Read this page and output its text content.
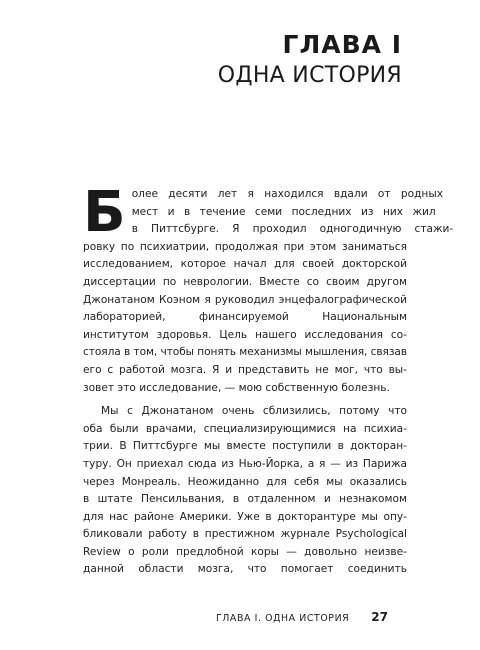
ГЛАВА I
ОДНА ИСТОРИЯ
Б олее десяти лет я находился вдали от родных
мест и в течение семи последних из них жил
в Питтсбурге. Я проходил одногодичную стажи-
ровку по психиатрии, продолжая при этом заниматься
исследованием, которое начал для своей докторской
диссертации по неврологии. Вместе со своим другом
Джонатаном Коэном я руководил энцефалографической
лабораторией, финансируемой Национальным
институтом здоровья. Цель нашего исследования со-
стояла в том, чтобы понять механизмы мышления, связав
его с работой мозга. Я и представить не мог, что вы-
зовет это исследование, — мою собственную болезнь.
Мы с Джонатаном очень сблизились, потому что
оба были врачами, специализирующимися на психиа-
трии. В Питтсбурге мы вместе поступили в докторан-
туру. Он приехал сюда из Нью-Йорка, а я — из Парижа
через Монреаль. Неожиданно для себя мы оказались
в штате Пенсильвания, в отдаленном и незнакомом
для нас районе Америки. Уже в докторантуре мы опу-
бликовали работу в престижном журнале Psychological
Review о роли предлобной коры — довольно неизве-
данной области мозга, что помогает соединить
ГЛАВА I. ОДНА ИСТОРИЯ 27
